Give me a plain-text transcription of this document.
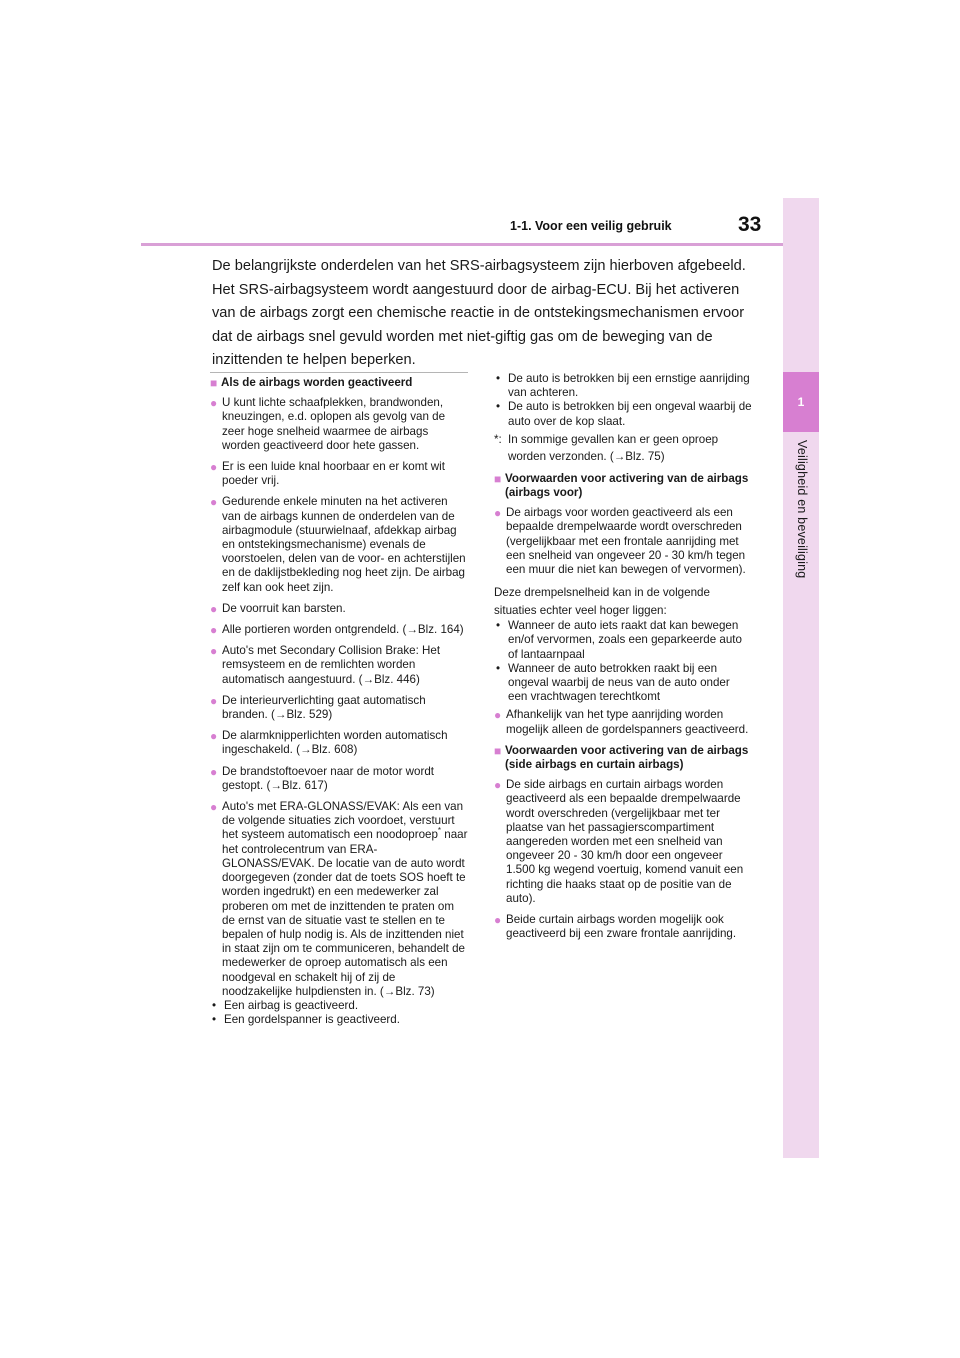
1-1. Voor een veilig gebruik	33
1
Veiligheid en beveiliging
De belangrijkste onderdelen van het SRS-airbagsysteem zijn hierboven afgebeeld. Het SRS-airbagsysteem wordt aangestuurd door de airbag-ECU. Bij het activeren van de airbags zorgt een chemische reactie in de ontstekingsmechanismen ervoor dat de airbags snel gevuld worden met niet-giftig gas om de beweging van de inzittenden te helpen beperken.
■ Als de airbags worden geactiveerd
● U kunt lichte schaafplekken, brandwonden, kneuzingen, e.d. oplopen als gevolg van de zeer hoge snelheid waarmee de airbags worden geactiveerd door hete gassen.
● Er is een luide knal hoorbaar en er komt wit poeder vrij.
● Gedurende enkele minuten na het activeren van de airbags kunnen de onderdelen van de airbagmodule (stuurwielnaaf, afdekkap airbag en ontstekingsmechanisme) evenals de voorstoelen, delen van de voor- en achterstijlen en de daklijstbekleding nog heet zijn. De airbag zelf kan ook heet zijn.
● De voorruit kan barsten.
● Alle portieren worden ontgrendeld. (→Blz. 164)
● Auto's met Secondary Collision Brake: Het remsysteem en de remlichten worden automatisch aangestuurd. (→Blz. 446)
● De interieurverlichting gaat automatisch branden. (→Blz. 529)
● De alarmknipperlichten worden automatisch ingeschakeld. (→Blz. 608)
● De brandstoftoevoer naar de motor wordt gestopt. (→Blz. 617)
● Auto's met ERA-GLONASS/EVAK: Als een van de volgende situaties zich voordoet, verstuurt het systeem automatisch een noodoproep* naar het controlecentrum van ERA-GLONASS/EVAK. De locatie van de auto wordt doorgegeven (zonder dat de toets SOS hoeft te worden ingedrukt) en een medewerker zal proberen om met de inzittenden te praten om de ernst van de situatie vast te stellen en te bepalen of hulp nodig is. Als de inzittenden niet in staat zijn om te communiceren, behandelt de medewerker de oproep automatisch als een noodgeval en schakelt hij of zij de noodzakelijke hulpdiensten in. (→Blz. 73)
• Een airbag is geactiveerd.
• Een gordelspanner is geactiveerd.
• De auto is betrokken bij een ernstige aanrijding van achteren.
• De auto is betrokken bij een ongeval waarbij de auto over de kop slaat.
*: In sommige gevallen kan er geen oproep worden verzonden. (→Blz. 75)
■ Voorwaarden voor activering van de airbags (airbags voor)
● De airbags voor worden geactiveerd als een bepaalde drempelwaarde wordt overschreden (vergelijkbaar met een frontale aanrijding met een snelheid van ongeveer 20 - 30 km/h tegen een muur die niet kan bewegen of vervormen).

Deze drempelsnelheid kan in de volgende situaties echter veel hoger liggen:

• Wanneer de auto iets raakt dat kan bewegen en/of vervormen, zoals een geparkeerde auto of lantaarnpaal
• Wanneer de auto betrokken raakt bij een ongeval waarbij de neus van de auto onder een vrachtwagen terechtkomt
● Afhankelijk van het type aanrijding worden mogelijk alleen de gordelspanners geactiveerd.
■ Voorwaarden voor activering van de airbags (side airbags en curtain airbags)
● De side airbags en curtain airbags worden geactiveerd als een bepaalde drempelwaarde wordt overschreden (vergelijkbaar met ter plaatse van het passagierscompartiment aangereden worden met een snelheid van ongeveer 20 - 30 km/h door een ongeveer 1.500 kg wegend voertuig, komend vanuit een richting die haaks staat op de positie van de auto).
● Beide curtain airbags worden mogelijk ook geactiveerd bij een zware frontale aanrijding.
